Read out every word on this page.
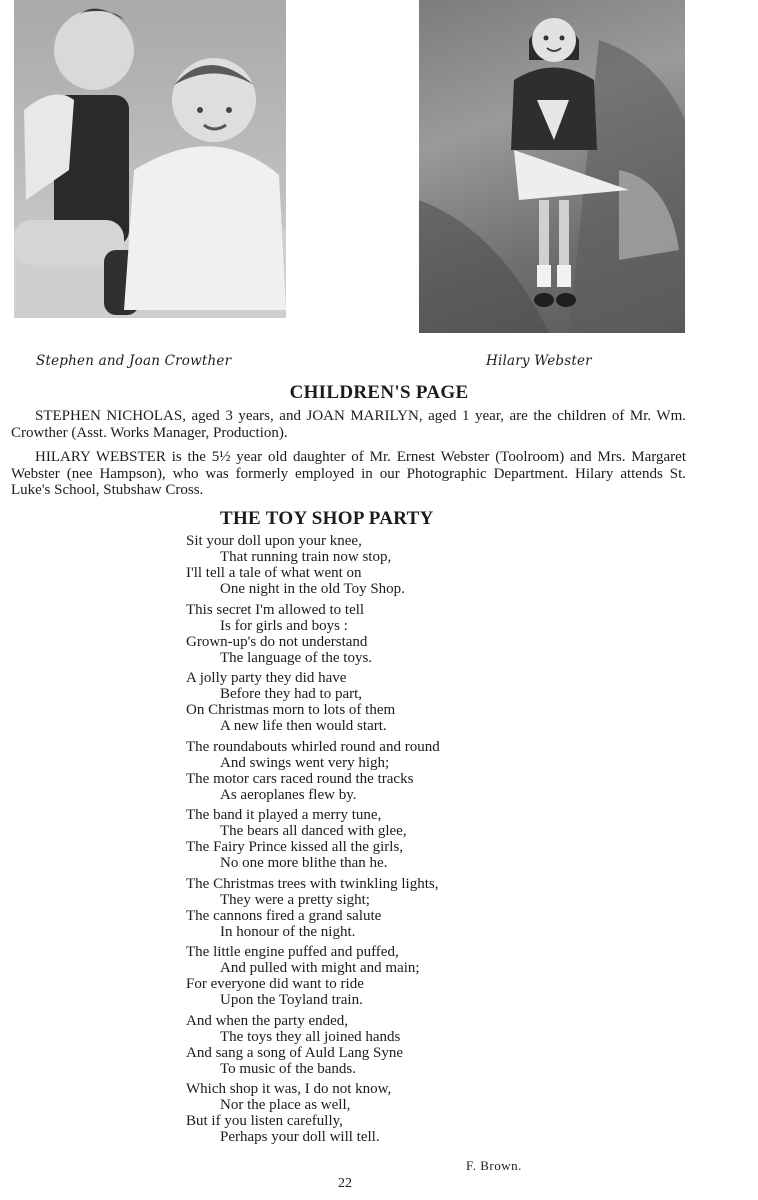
Stephen and Joan Crowther	Hilary Webster
CHILDREN'S PAGE

STEPHEN NICHOLAS, aged 3 years, and JOAN MARILYN, aged 1 year, are the children of Mr. Wm. Crowther (Asst. Works Manager, Production).

HILARY WEBSTER is the 5½ year old daughter of Mr. Ernest Webster (Toolroom) and Mrs. Margaret Webster (nee Hampson), who was formerly employed in our Photographic Department. Hilary attends St. Luke's School, Stubshaw Cross.

THE TOY SHOP PARTY
Sit your doll upon your knee,
That running train now stop,
I'll tell a tale of what went on
One night in the old Toy Shop.
This secret I'm allowed to tell
Is for girls and boys :
Grown-up's do not understand
The language of the toys.
A jolly party they did have
Before they had to part,
On Christmas morn to lots of them
A new life then would start.
The roundabouts whirled round and round
And swings went very high;
The motor cars raced round the tracks
As aeroplanes flew by.
The band it played a merry tune,
The bears all danced with glee,
The Fairy Prince kissed all the girls,
No one more blithe than he.
The Christmas trees with twinkling lights,
They were a pretty sight;
The cannons fired a grand salute
In honour of the night.
The little engine puffed and puffed,
And pulled with might and main;
For everyone did want to ride
Upon the Toyland train.
And when the party ended,
The toys they all joined hands
And sang a song of Auld Lang Syne
To music of the bands.
Which shop it was, I do not know,
Nor the place as well,
But if you listen carefully,
Perhaps your doll will tell.
F. Brown.
22
